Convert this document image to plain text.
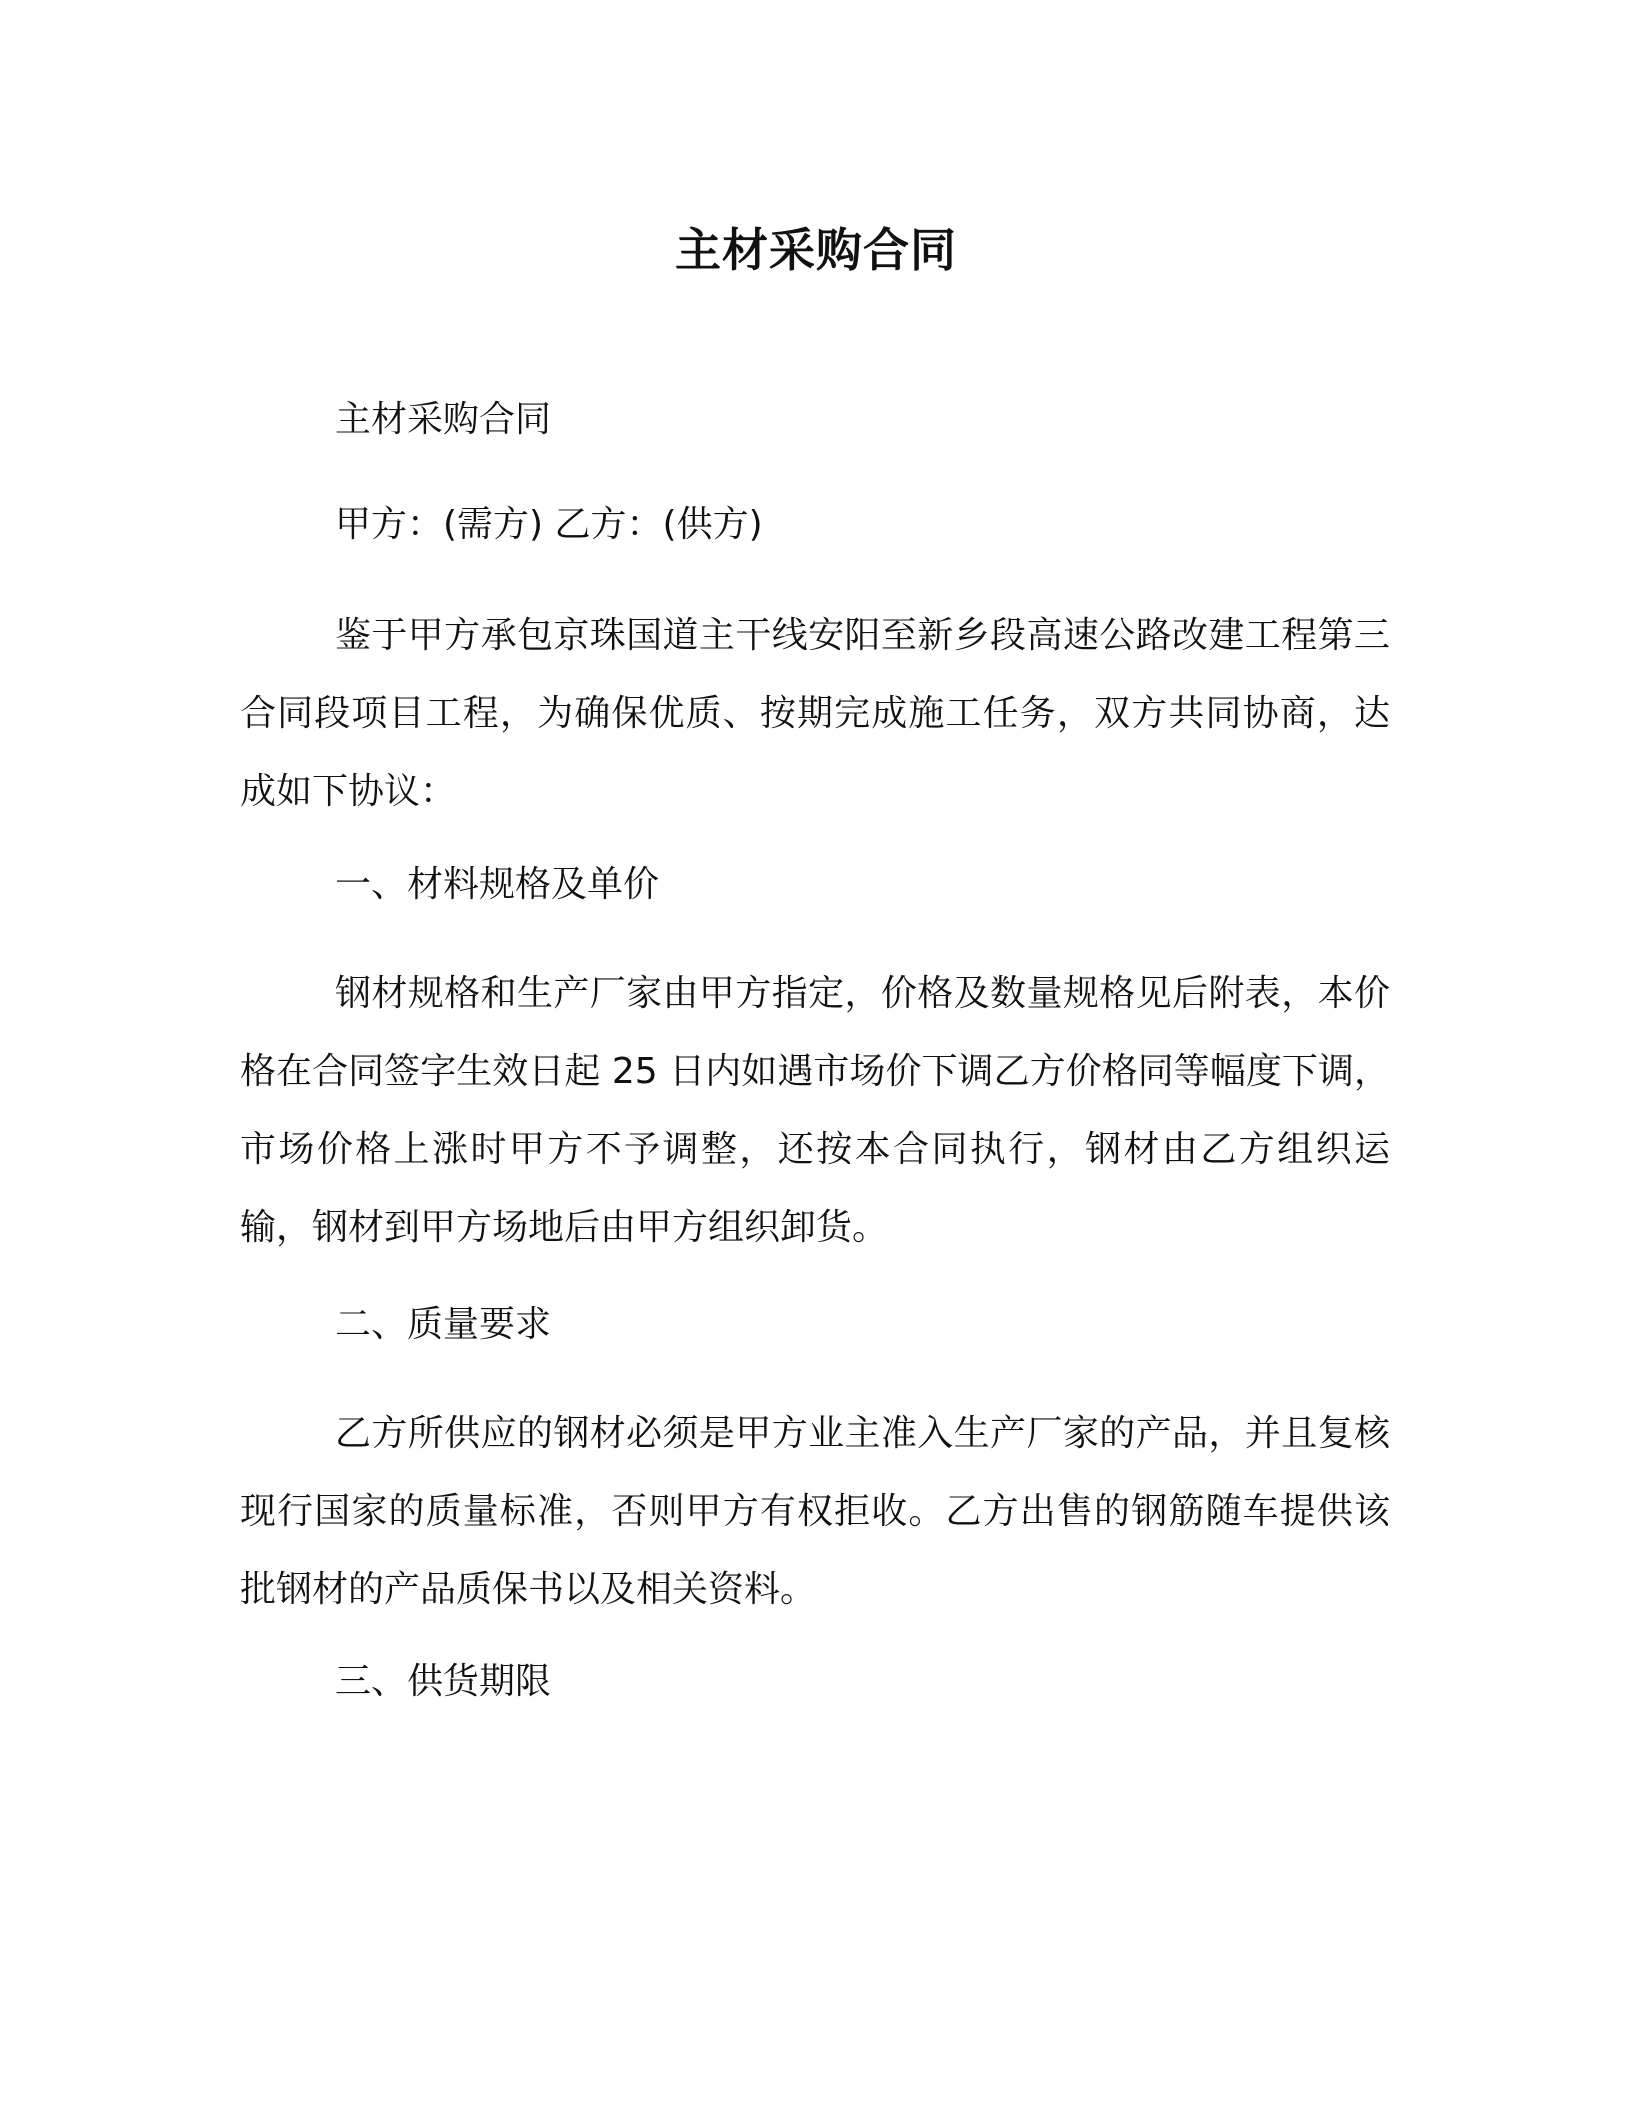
主材采购合同

主材采购合同

甲方：(需方) 乙方：(供方)

鉴于甲方承包京珠国道主干线安阳至新乡段高速公路改建工程第三合同段项目工程，为确保优质、按期完成施工任务，双方共同协商，达成如下协议：

一、材料规格及单价

钢材规格和生产厂家由甲方指定，价格及数量规格见后附表，本价格在合同签字生效日起 25 日内如遇市场价下调乙方价格同等幅度下调，市场价格上涨时甲方不予调整，还按本合同执行，钢材由乙方组织运输，钢材到甲方场地后由甲方组织卸货。

二、质量要求

乙方所供应的钢材必须是甲方业主准入生产厂家的产品，并且复核现行国家的质量标准，否则甲方有权拒收。乙方出售的钢筋随车提供该批钢材的产品质保书以及相关资料。

三、供货期限
